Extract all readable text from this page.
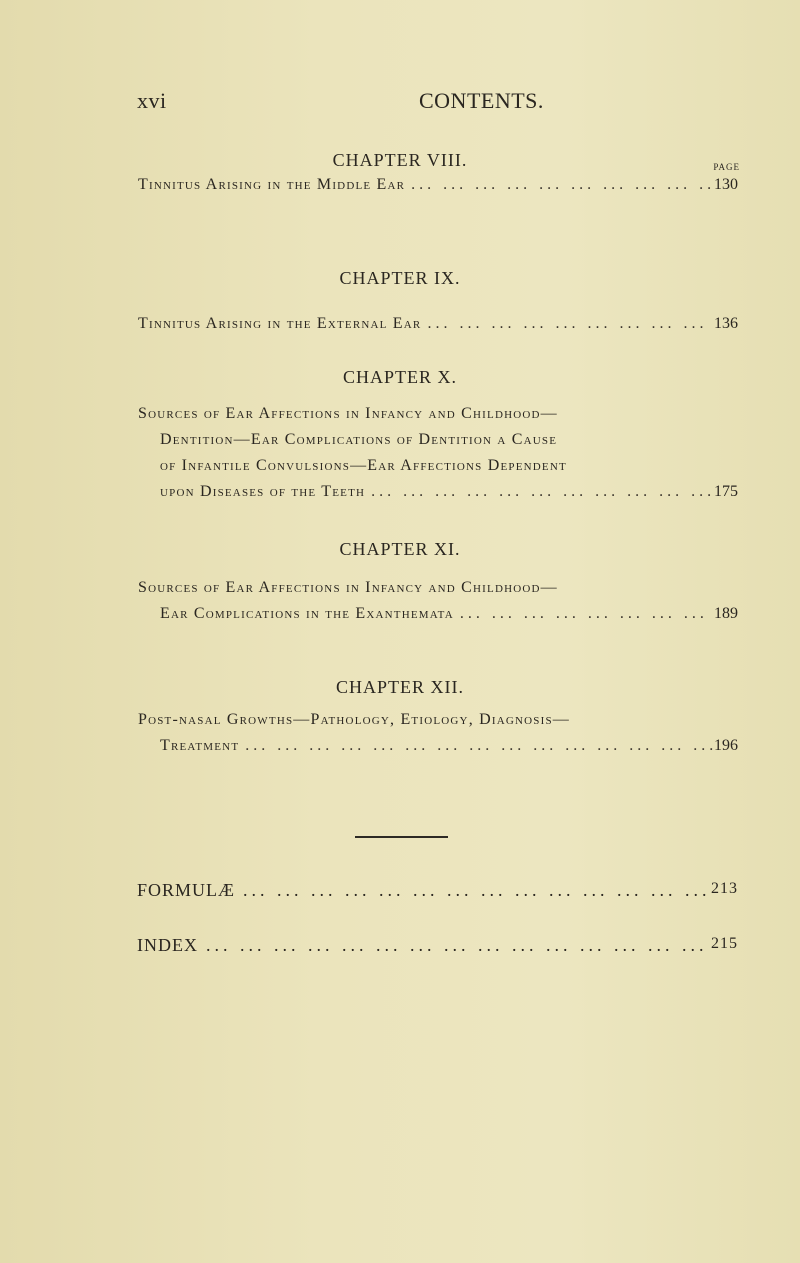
xvi	CONTENTS.
CHAPTER VIII.	PAGE
Tinnitus Arising in the Middle Ear ... .	130
CHAPTER IX.
Tinnitus Arising in the External Ear ... .	136
CHAPTER X.
Sources of Ear Affections in Infancy and Childhood—
Dentition—Ear Complications of Dentition a Cause
of Infantile Convulsions—Ear Affections Dependent
upon Diseases of the Teeth ... .	175
CHAPTER XI.
Sources of Ear Affections in Infancy and Childhood—
Ear Complications in the Exanthemata ... .	189
CHAPTER XII.
Post-nasal Growths—Pathology, Etiology, Diagnosis—
Treatment ... .	196
FORMULÆ ... .	213
INDEX ... .	215
